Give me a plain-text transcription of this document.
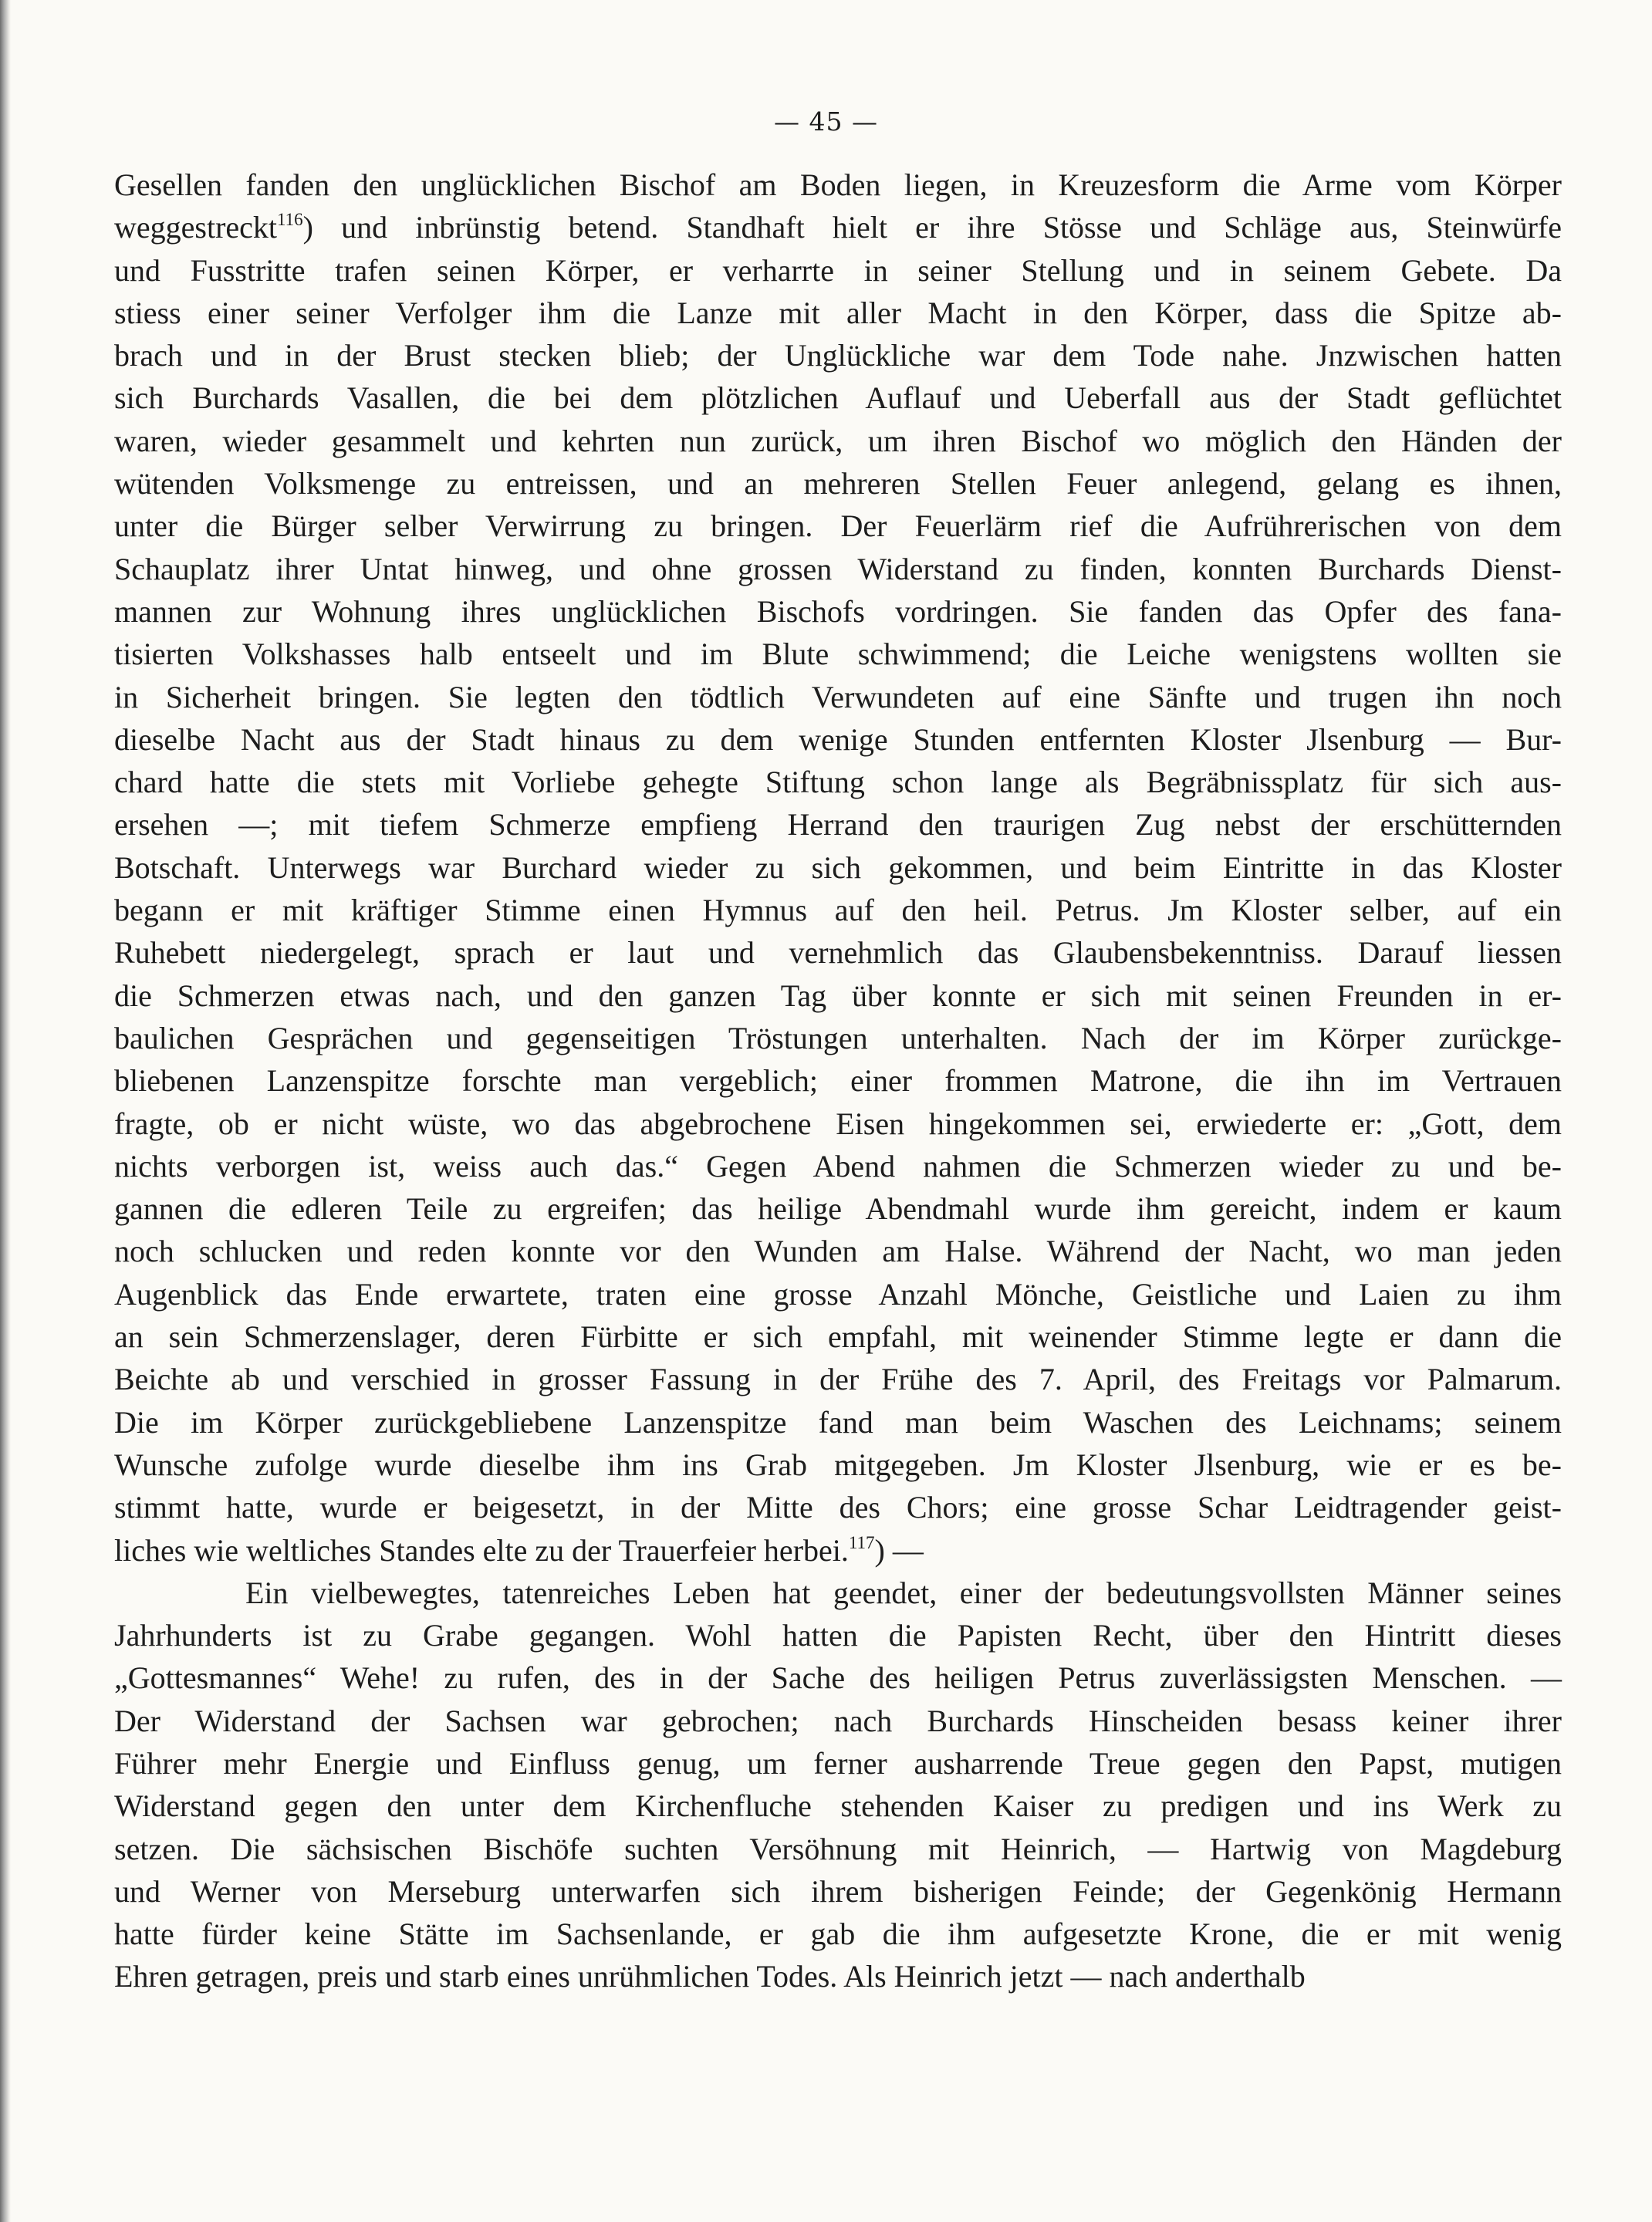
— 45 —
Gesellen fanden den unglücklichen Bischof am Boden liegen, in Kreuzesform die Arme vom Körper
weggestreckt$^{116}$) und inbrünstig betend. Standhaft hielt er ihre Stösse und Schläge aus, Steinwürfe
und Fusstritte trafen seinen Körper, er verharrte in seiner Stellung und in seinem Gebete. Da
stiess einer seiner Verfolger ihm die Lanze mit aller Macht in den Körper, dass die Spitze ab-
brach und in der Brust stecken blieb; der Unglückliche war dem Tode nahe. Jnzwischen hatten
sich Burchards Vasallen, die bei dem plötzlichen Auflauf und Ueberfall aus der Stadt geflüchtet
waren, wieder gesammelt und kehrten nun zurück, um ihren Bischof wo möglich den Händen der
wütenden Volksmenge zu entreissen, und an mehreren Stellen Feuer anlegend, gelang es ihnen,
unter die Bürger selber Verwirrung zu bringen. Der Feuerlärm rief die Aufrührerischen von dem
Schauplatz ihrer Untat hinweg, und ohne grossen Widerstand zu finden, konnten Burchards Dienst-
mannen zur Wohnung ihres unglücklichen Bischofs vordringen. Sie fanden das Opfer des fana-
tisierten Volkshasses halb entseelt und im Blute schwimmend; die Leiche wenigstens wollten sie
in Sicherheit bringen. Sie legten den tödtlich Verwundeten auf eine Sänfte und trugen ihn noch
dieselbe Nacht aus der Stadt hinaus zu dem wenige Stunden entfernten Kloster Jlsenburg — Bur-
chard hatte die stets mit Vorliebe gehegte Stiftung schon lange als Begräbnissplatz für sich aus-
ersehen —; mit tiefem Schmerze empfieng Herrand den traurigen Zug nebst der erschütternden
Botschaft. Unterwegs war Burchard wieder zu sich gekommen, und beim Eintritte in das Kloster
begann er mit kräftiger Stimme einen Hymnus auf den heil. Petrus. Jm Kloster selber, auf ein
Ruhebett niedergelegt, sprach er laut und vernehmlich das Glaubensbekenntniss. Darauf liessen
die Schmerzen etwas nach, und den ganzen Tag über konnte er sich mit seinen Freunden in er-
baulichen Gesprächen und gegenseitigen Tröstungen unterhalten. Nach der im Körper zurückge-
bliebenen Lanzenspitze forschte man vergeblich; einer frommen Matrone, die ihn im Vertrauen
fragte, ob er nicht wüste, wo das abgebrochene Eisen hingekommen sei, erwiederte er: „Gott, dem
nichts verborgen ist, weiss auch das.“ Gegen Abend nahmen die Schmerzen wieder zu und be-
gannen die edleren Teile zu ergreifen; das heilige Abendmahl wurde ihm gereicht, indem er kaum
noch schlucken und reden konnte vor den Wunden am Halse. Während der Nacht, wo man jeden
Augenblick das Ende erwartete, traten eine grosse Anzahl Mönche, Geistliche und Laien zu ihm
an sein Schmerzenslager, deren Fürbitte er sich empfahl, mit weinender Stimme legte er dann die
Beichte ab und verschied in grosser Fassung in der Frühe des 7. April, des Freitags vor Palmarum.
Die im Körper zurückgebliebene Lanzenspitze fand man beim Waschen des Leichnams; seinem
Wunsche zufolge wurde dieselbe ihm ins Grab mitgegeben. Jm Kloster Jlsenburg, wie er es be-
stimmt hatte, wurde er beigesetzt, in der Mitte des Chors; eine grosse Schar Leidtragender geist-
liches wie weltliches Standes elte zu der Trauerfeier herbei.$^{117}$) —
Ein vielbewegtes, tatenreiches Leben hat geendet, einer der bedeutungsvollsten Männer seines
Jahrhunderts ist zu Grabe gegangen. Wohl hatten die Papisten Recht, über den Hintritt dieses
„Gottesmannes“ Wehe! zu rufen, des in der Sache des heiligen Petrus zuverlässigsten Menschen. —
Der Widerstand der Sachsen war gebrochen; nach Burchards Hinscheiden besass keiner ihrer
Führer mehr Energie und Einfluss genug, um ferner ausharrende Treue gegen den Papst, mutigen
Widerstand gegen den unter dem Kirchenfluche stehenden Kaiser zu predigen und ins Werk zu
setzen. Die sächsischen Bischöfe suchten Versöhnung mit Heinrich, — Hartwig von Magdeburg
und Werner von Merseburg unterwarfen sich ihrem bisherigen Feinde; der Gegenkönig Hermann
hatte fürder keine Stätte im Sachsenlande, er gab die ihm aufgesetzte Krone, die er mit wenig
Ehren getragen, preis und starb eines unrühmlichen Todes. Als Heinrich jetzt — nach anderthalb
